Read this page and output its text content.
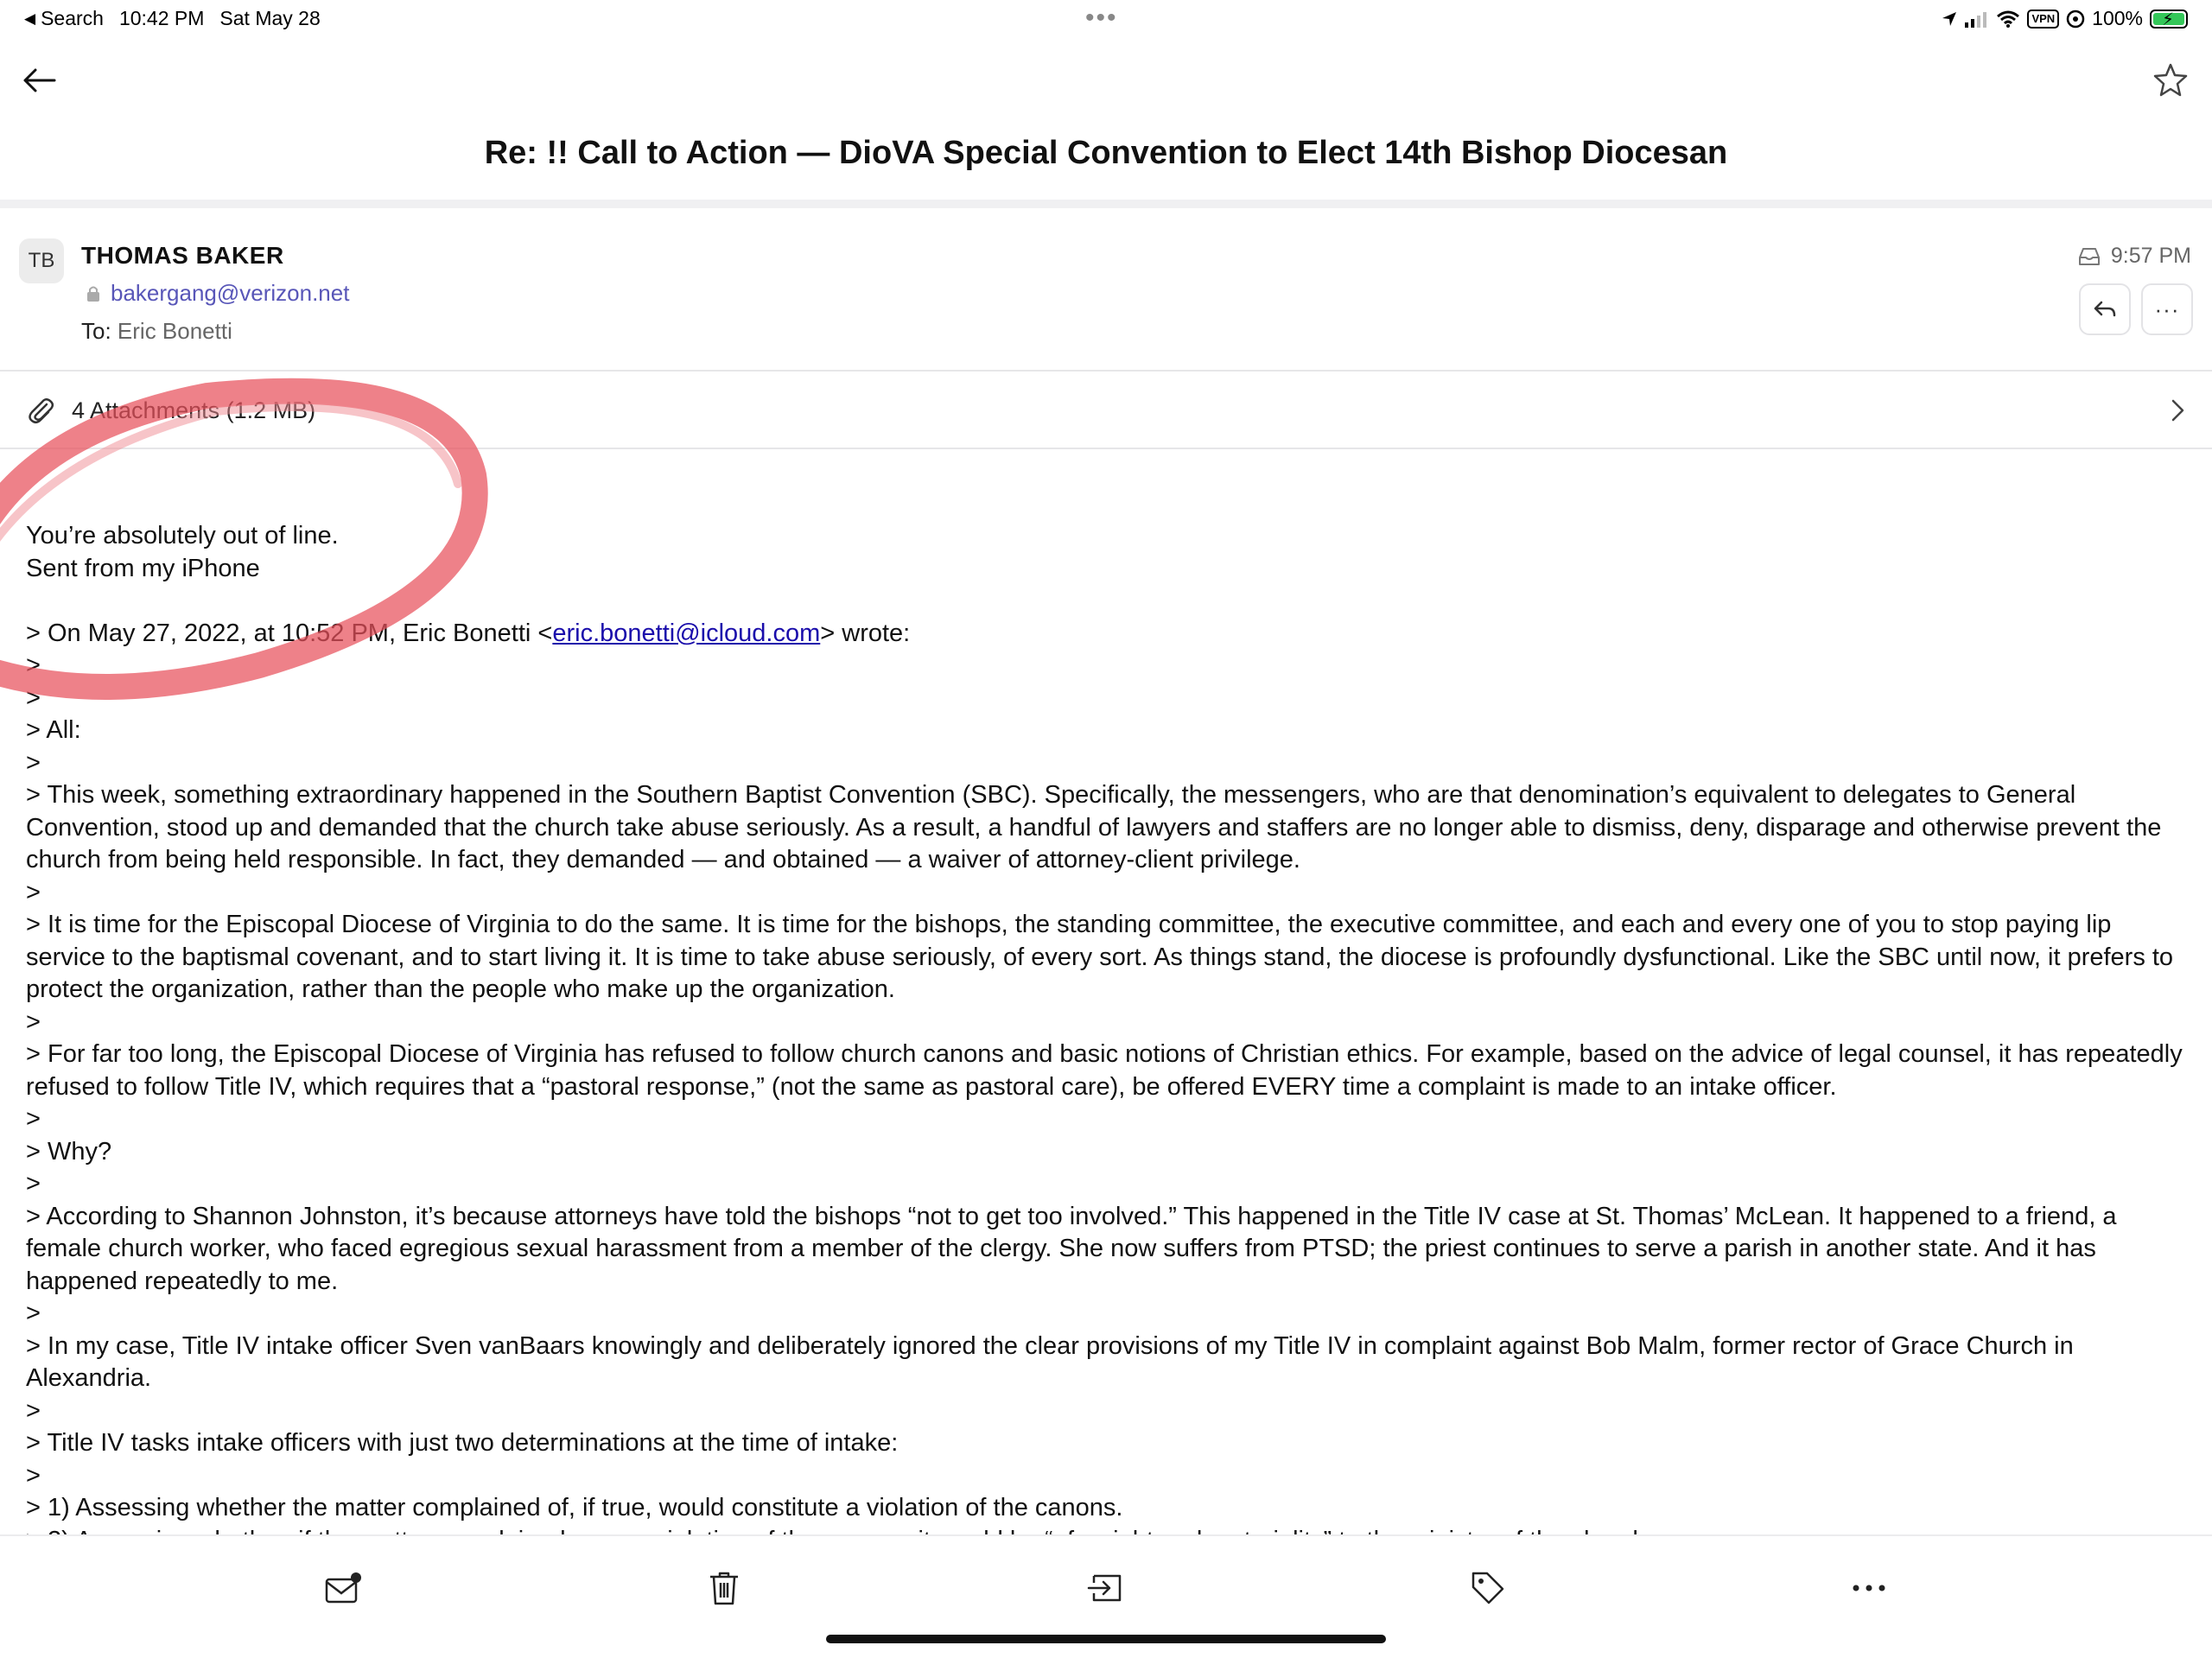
◀ Search 10:42 PM Sat May 28	•••	VPN 100% ⚡
Re: !! Call to Action — DioVA Special Convention to Elect 14th Bishop Diocesan
TB	THOMAS BAKER
bakergang@verizon.net
To: Eric Bonetti
9:57 PM
···
4 Attachments (1.2 MB)

You’re absolutely out of line.

Sent from my iPhone

> On May 27, 2022, at 10:52 PM, Eric Bonetti <eric.bonetti@icloud.com> wrote:

>

>

> All:

>

> This week, something extraordinary happened in the Southern Baptist Convention (SBC). Specifically, the messengers, who are that denomination’s equivalent to delegates to General Convention, stood up and demanded that the church take abuse seriously. As a result, a handful of lawyers and staffers are no longer able to dismiss, deny, disparage and otherwise prevent the church from being held responsible. In fact, they demanded — and obtained — a waiver of attorney-client privilege.

>

> It is time for the Episcopal Diocese of Virginia to do the same. It is time for the bishops, the standing committee, the executive committee, and each and every one of you to stop paying lip service to the baptismal covenant, and to start living it. It is time to take abuse seriously, of every sort. As things stand, the diocese is profoundly dysfunctional. Like the SBC until now, it prefers to protect the organization, rather than the people who make up the organization.

>

> For far too long, the Episcopal Diocese of Virginia has refused to follow church canons and basic notions of Christian ethics. For example, based on the advice of legal counsel, it has repeatedly refused to follow Title IV, which requires that a “pastoral response,” (not the same as pastoral care), be offered EVERY time a complaint is made to an intake officer.

>

> Why?

>

> According to Shannon Johnston, it’s because attorneys have told the bishops “not to get too involved.” This happened in the Title IV case at St. Thomas’ McLean. It happened to a friend, a female church worker, who faced egregious sexual harassment from a member of the clergy. She now suffers from PTSD; the priest continues to serve a parish in another state. And it has happened repeatedly to me.

>

> In my case, Title IV intake officer Sven vanBaars knowingly and deliberately ignored the clear provisions of my Title IV in complaint against Bob Malm, former rector of Grace Church in Alexandria.

>

> Title IV tasks intake officers with just two determinations at the time of intake:

>

> 1) Assessing whether the matter complained of, if true, would constitute a violation of the canons.
